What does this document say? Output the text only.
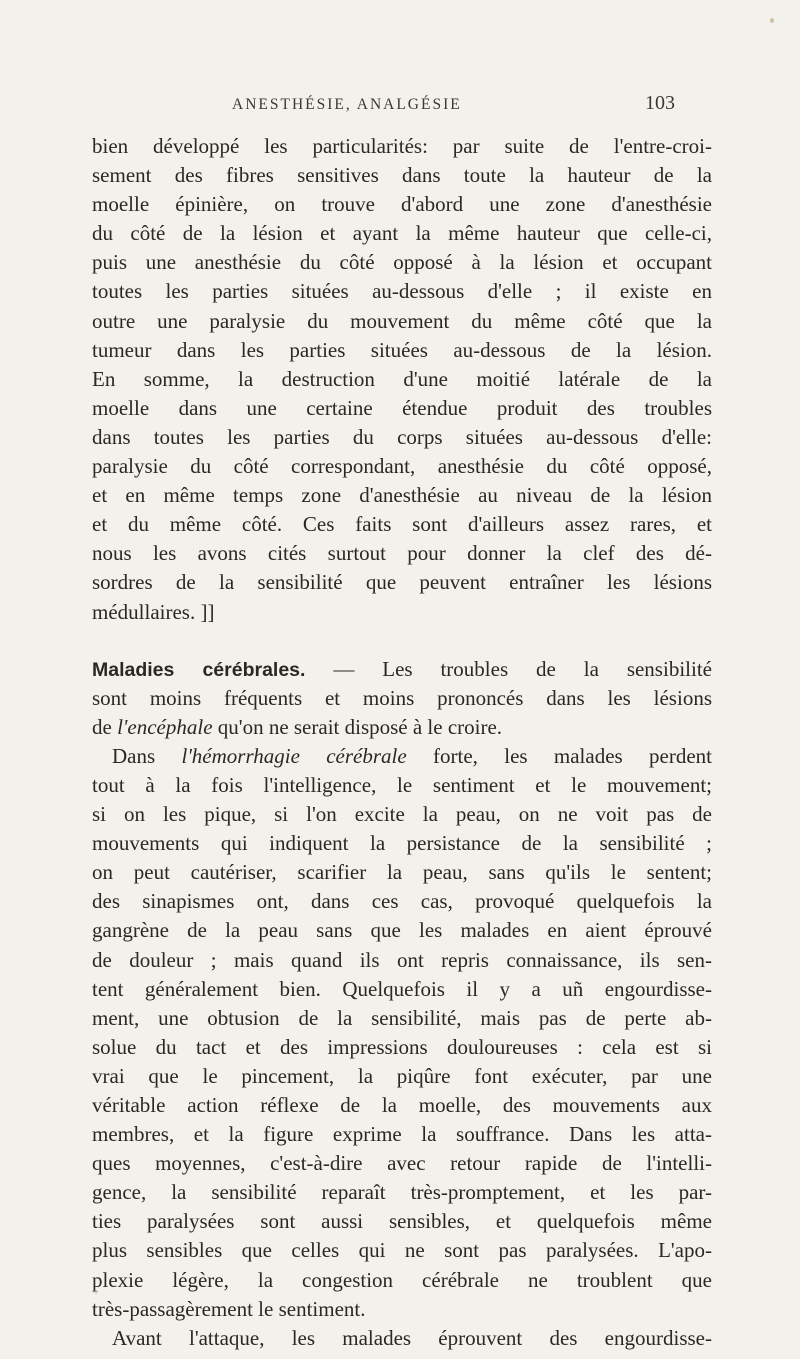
ANESTHÉSIE, ANALGÉSIE	103

bien développé les particularités: par suite de l'entre-croi-
sement des fibres sensitives dans toute la hauteur de la
moelle épinière, on trouve d'abord une zone d'anesthésie
du côté de la lésion et ayant la même hauteur que celle-ci,
puis une anesthésie du côté opposé à la lésion et occupant
toutes les parties situées au-dessous d'elle ; il existe en
outre une paralysie du mouvement du même côté que la
tumeur dans les parties situées au-dessous de la lésion.
En somme, la destruction d'une moitié latérale de la
moelle dans une certaine étendue produit des troubles
dans toutes les parties du corps situées au-dessous d'elle:
paralysie du côté correspondant, anesthésie du côté opposé,
et en même temps zone d'anesthésie au niveau de la lésion
et du même côté. Ces faits sont d'ailleurs assez rares, et
nous les avons cités surtout pour donner la clef des dé-
sordres de la sensibilité que peuvent entraîner les lésions
médullaires. ]]

Maladies cérébrales. — Les troubles de la sensibilité
sont moins fréquents et moins prononcés dans les lésions
de l'encéphale qu'on ne serait disposé à le croire.

Dans l'hémorrhagie cérébrale forte, les malades perdent
tout à la fois l'intelligence, le sentiment et le mouvement;
si on les pique, si l'on excite la peau, on ne voit pas de
mouvements qui indiquent la persistance de la sensibilité ;
on peut cautériser, scarifier la peau, sans qu'ils le sentent;
des sinapismes ont, dans ces cas, provoqué quelquefois la
gangrène de la peau sans que les malades en aient éprouvé
de douleur ; mais quand ils ont repris connaissance, ils sen-
tent généralement bien. Quelquefois il y a uñ engourdisse-
ment, une obtusion de la sensibilité, mais pas de perte ab-
solue du tact et des impressions douloureuses : cela est si
vrai que le pincement, la piqûre font exécuter, par une
véritable action réflexe de la moelle, des mouvements aux
membres, et la figure exprime la souffrance. Dans les atta-
ques moyennes, c'est-à-dire avec retour rapide de l'intelli-
gence, la sensibilité reparaît très-promptement, et les par-
ties paralysées sont aussi sensibles, et quelquefois même
plus sensibles que celles qui ne sont pas paralysées. L'apo-
plexie légère, la congestion cérébrale ne troublent que
très-passagèrement le sentiment.

Avant l'attaque, les malades éprouvent des engourdisse-
